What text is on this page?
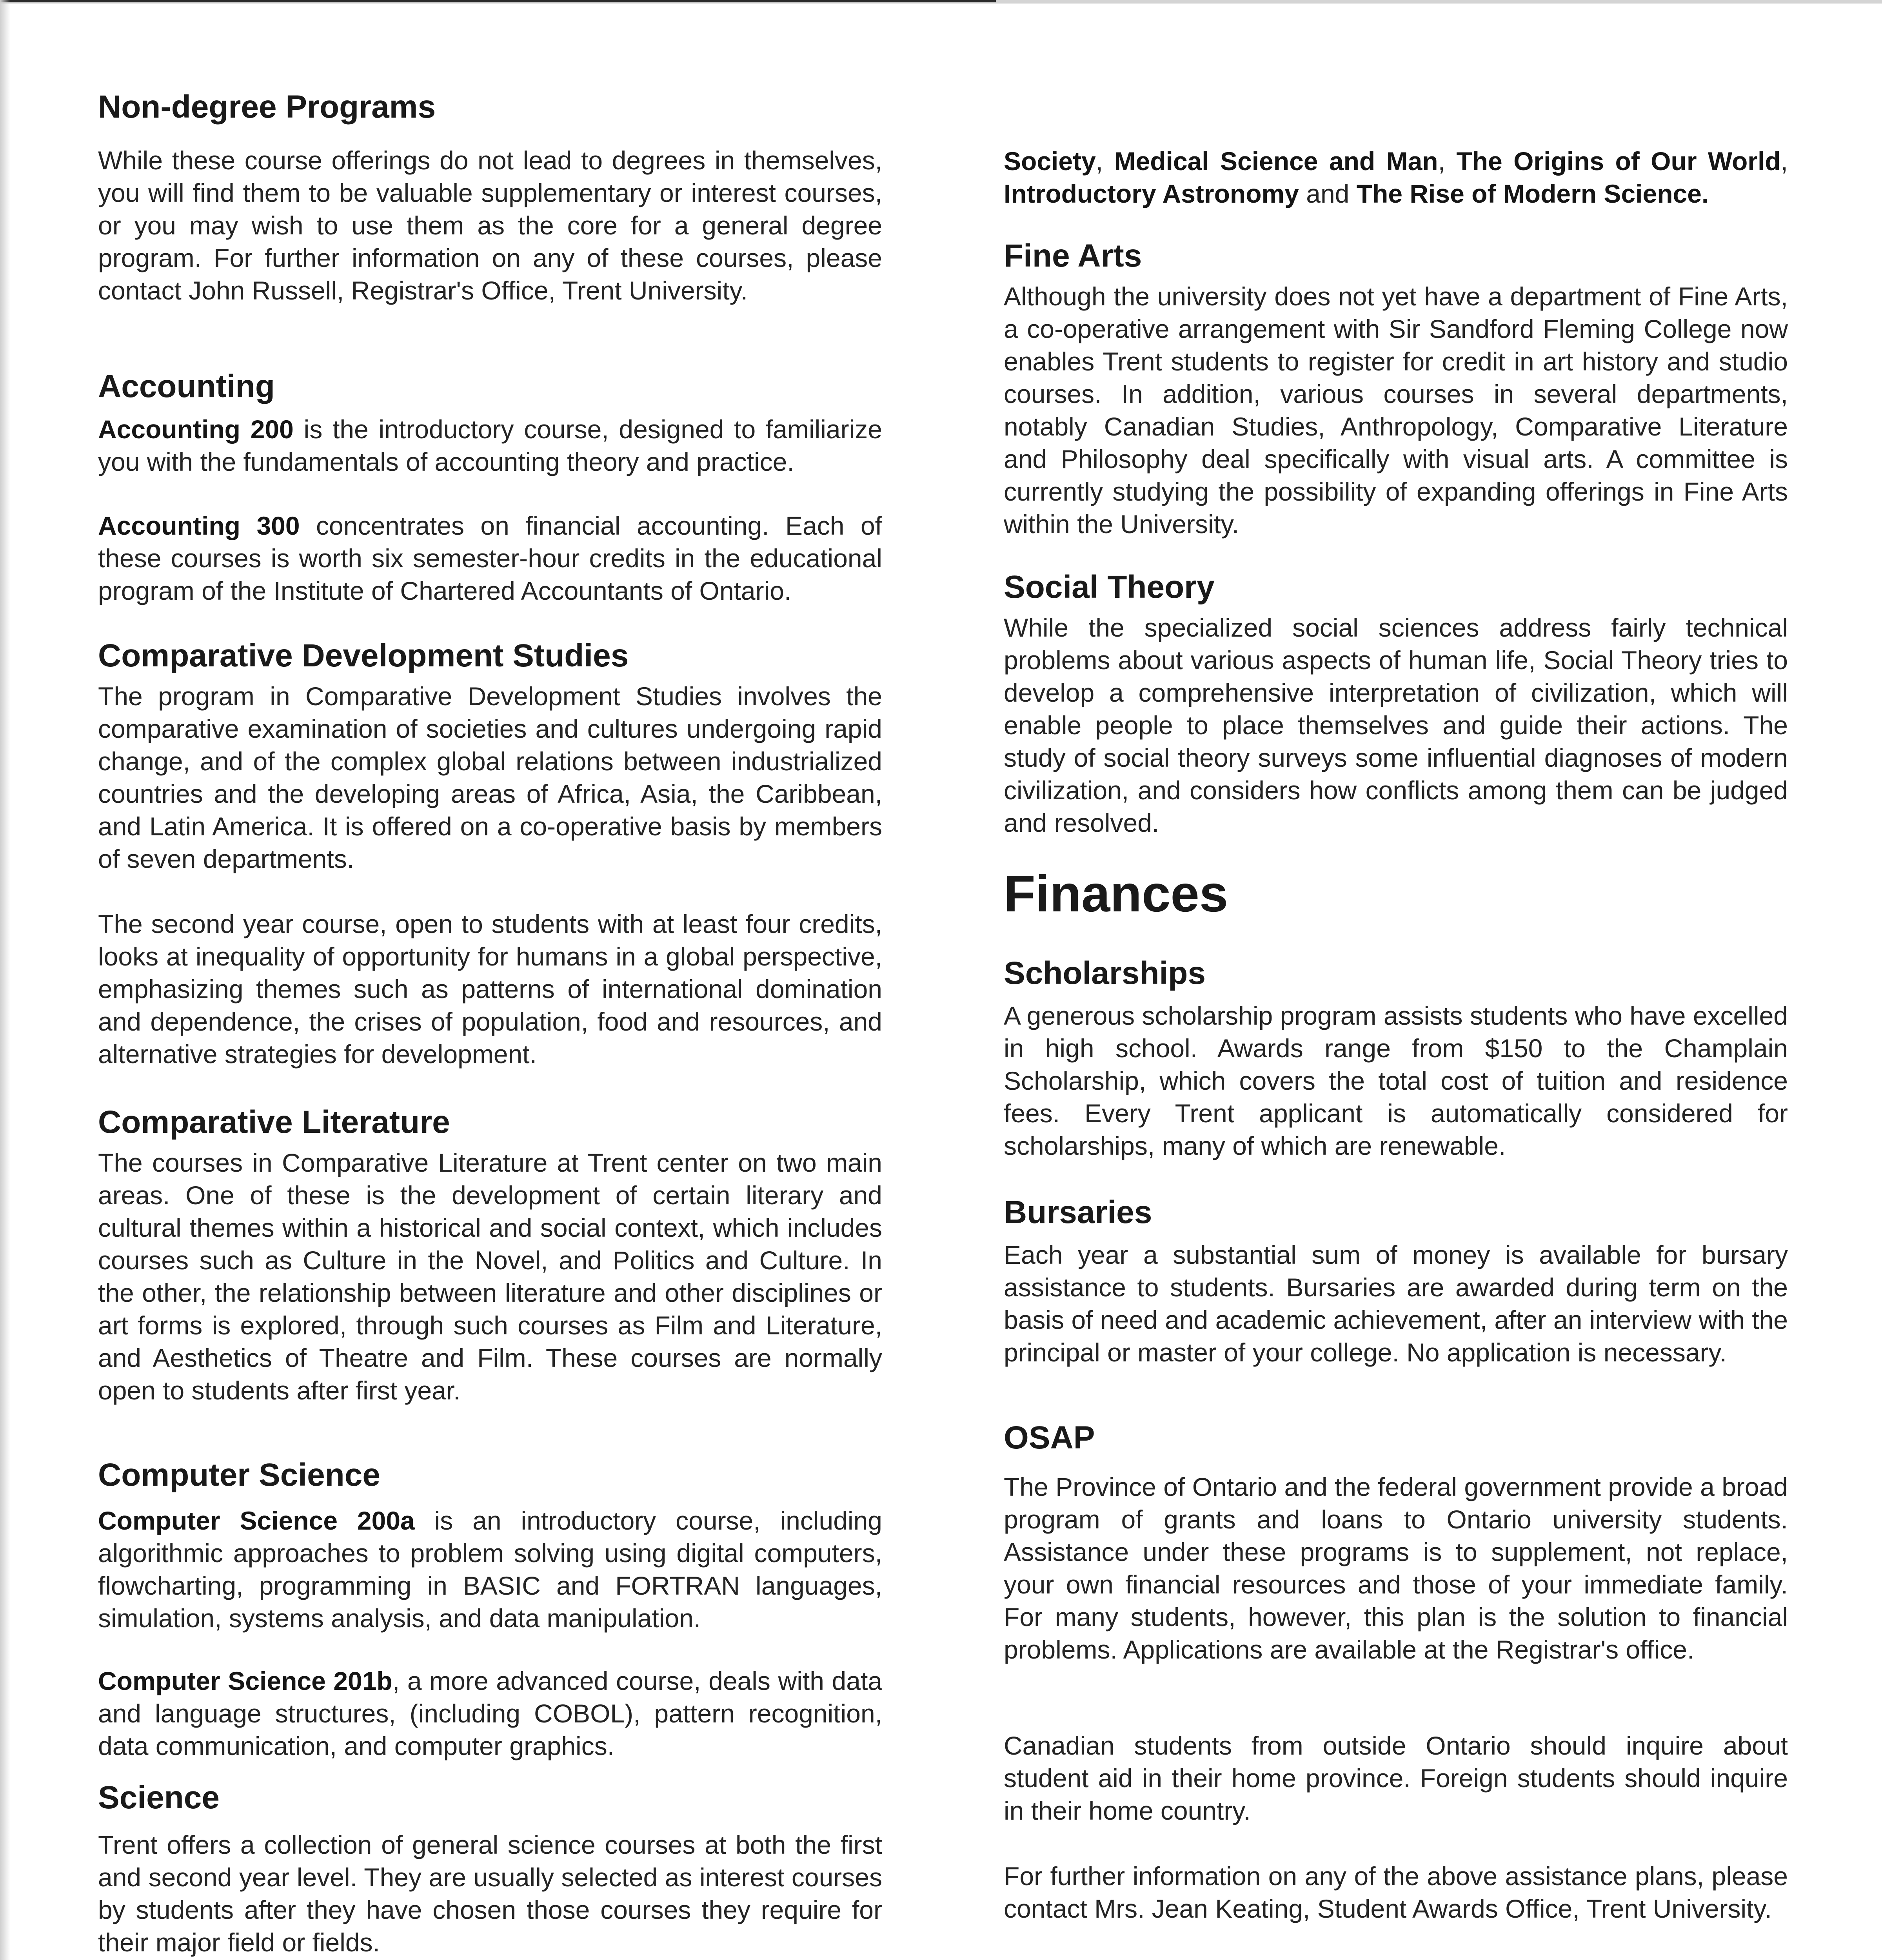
Non-degree Programs

While these course offerings do not lead to degrees in themselves, you will find them to be valuable supplementary or interest courses, or you may wish to use them as the core for a general degree program. For further information on any of these courses, please contact John Russell, Registrar's Office, Trent University.

Accounting

Accounting 200 is the introductory course, designed to familiarize you with the fundamentals of accounting theory and practice.

Accounting 300 concentrates on financial accounting. Each of these courses is worth six semester-hour credits in the educational program of the Institute of Chartered Accountants of Ontario.

Comparative Development Studies

The program in Comparative Development Studies involves the comparative examination of societies and cultures undergoing rapid change, and of the complex global relations between industrialized countries and the developing areas of Africa, Asia, the Caribbean, and Latin America. It is offered on a co-operative basis by members of seven departments.

The second year course, open to students with at least four credits, looks at inequality of opportunity for humans in a global perspective, emphasizing themes such as patterns of international domination and dependence, the crises of population, food and resources, and alternative strategies for development.

Comparative Literature

The courses in Comparative Literature at Trent center on two main areas. One of these is the development of certain literary and cultural themes within a historical and social context, which includes courses such as Culture in the Novel, and Politics and Culture. In the other, the relationship between literature and other disciplines or art forms is explored, through such courses as Film and Literature, and Aesthetics of Theatre and Film. These courses are normally open to students after first year.

Computer Science

Computer Science 200a is an introductory course, including algorithmic approaches to problem solving using digital computers, flowcharting, programming in BASIC and FORTRAN languages, simulation, systems analysis, and data manipulation.

Computer Science 201b, a more advanced course, deals with data and language structures, (including COBOL), pattern recognition, data communication, and computer graphics.

Science

Trent offers a collection of general science courses at both the first and second year level. They are usually selected as interest courses by students after they have chosen those courses they require for their major field or fields.

Society, Medical Science and Man, The Origins of Our World, Introductory Astronomy and The Rise of Modern Science.

Fine Arts

Although the university does not yet have a department of Fine Arts, a co-operative arrangement with Sir Sandford Fleming College now enables Trent students to register for credit in art history and studio courses. In addition, various courses in several departments, notably Canadian Studies, Anthropology, Comparative Literature and Philosophy deal specifically with visual arts. A committee is currently studying the possibility of expanding offerings in Fine Arts within the University.

Social Theory

While the specialized social sciences address fairly technical problems about various aspects of human life, Social Theory tries to develop a comprehensive interpretation of civilization, which will enable people to place themselves and guide their actions. The study of social theory surveys some influential diagnoses of modern civilization, and considers how conflicts among them can be judged and resolved.

Finances
Scholarships

A generous scholarship program assists students who have excelled in high school. Awards range from $150 to the Champlain Scholarship, which covers the total cost of tuition and residence fees. Every Trent applicant is automatically considered for scholarships, many of which are renewable.

Bursaries

Each year a substantial sum of money is available for bursary assistance to students. Bursaries are awarded during term on the basis of need and academic achievement, after an interview with the principal or master of your college. No application is necessary.

OSAP

The Province of Ontario and the federal government provide a broad program of grants and loans to Ontario university students. Assistance under these programs is to supplement, not replace, your own financial resources and those of your immediate family. For many students, however, this plan is the solution to financial problems. Applications are available at the Registrar's office.

Canadian students from outside Ontario should inquire about student aid in their home province. Foreign students should inquire in their home country.

For further information on any of the above assistance plans, please contact Mrs. Jean Keating, Student Awards Office, Trent University.
